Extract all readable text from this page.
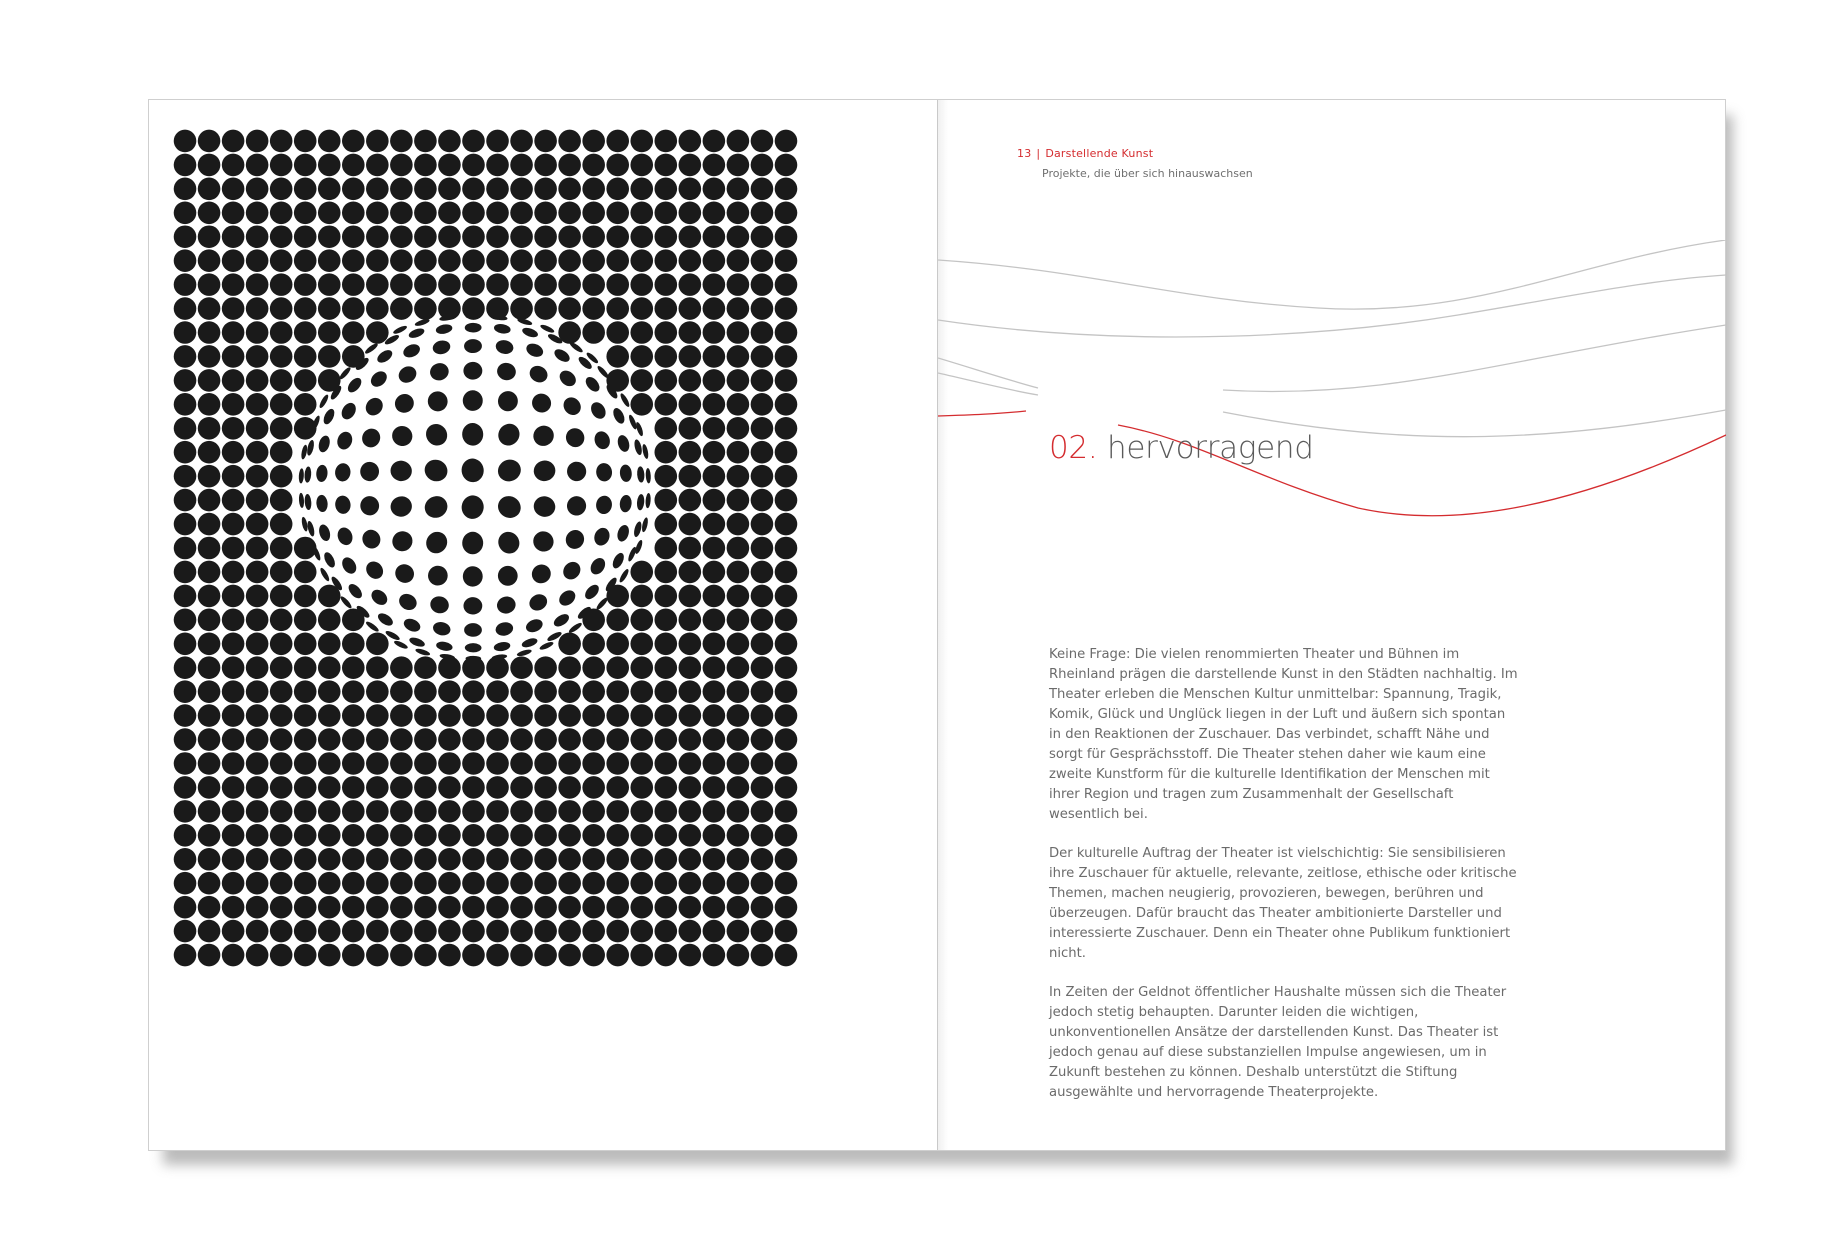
13 | Darstellende Kunst
Projekte, die über sich hinauswachsen
02. hervorragend

Keine Frage: Die vielen renommierten Theater und Bühnen im Rheinland prägen die darstellende Kunst in den Städten nachhaltig. Im Theater erleben die Menschen Kultur unmittelbar: Spannung, Tragik, Komik, Glück und Unglück liegen in der Luft und äußern sich spontan in den Reaktionen der Zuschauer. Das verbindet, schafft Nähe und sorgt für Gesprächsstoff. Die Theater stehen daher wie kaum eine zweite Kunstform für die kulturelle Identifikation der Menschen mit ihrer Region und tragen zum Zusammenhalt der Gesellschaft wesentlich bei.

Der kulturelle Auftrag der Theater ist vielschichtig: Sie sensibilisieren ihre Zuschauer für aktuelle, relevante, zeitlose, ethische oder kritische Themen, machen neugierig, provozieren, bewegen, berühren und überzeugen. Dafür braucht das Theater ambitionierte Darsteller und interessierte Zuschauer. Denn ein Theater ohne Publikum funktioniert nicht.

In Zeiten der Geldnot öffentlicher Haushalte müssen sich die Theater jedoch stetig behaupten. Darunter leiden die wichtigen, unkonventionellen Ansätze der darstellenden Kunst. Das Theater ist jedoch genau auf diese substanziellen Impulse angewiesen, um in Zukunft bestehen zu können. Deshalb unterstützt die Stiftung ausgewählte und hervorragende Theaterprojekte.
